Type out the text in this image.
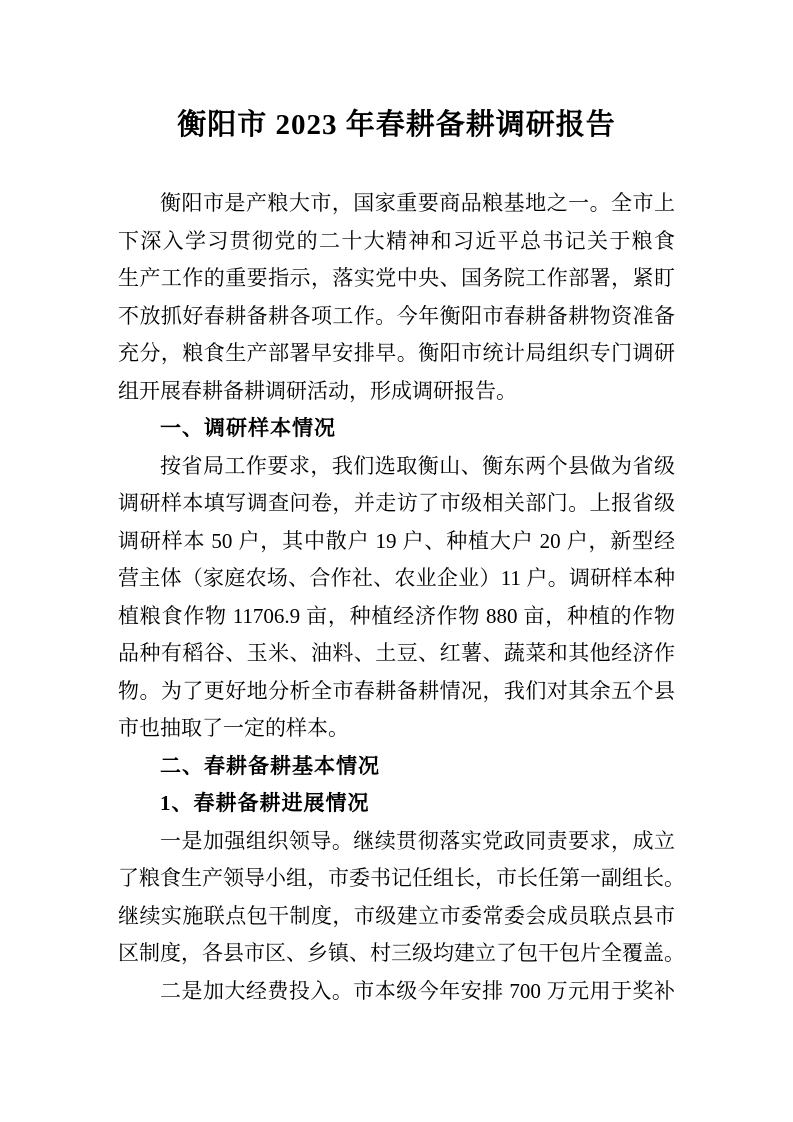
衡阳市 2023 年春耕备耕调研报告
衡阳市是产粮大市，国家重要商品粮基地之一。全市上
下深入学习贯彻党的二十大精神和习近平总书记关于粮食
生产工作的重要指示，落实党中央、国务院工作部署，紧盯
不放抓好春耕备耕各项工作。今年衡阳市春耕备耕物资准备
充分，粮食生产部署早安排早。衡阳市统计局组织专门调研
组开展春耕备耕调研活动，形成调研报告。
一、调研样本情况
按省局工作要求，我们选取衡山、衡东两个县做为省级
调研样本填写调查问卷，并走访了市级相关部门。上报省级
调研样本 50 户，其中散户 19 户、种植大户 20 户，新型经
营主体（家庭农场、合作社、农业企业）11 户。调研样本种
植粮食作物 11706.9 亩，种植经济作物 880 亩，种植的作物
品种有稻谷、玉米、油料、土豆、红薯、蔬菜和其他经济作
物。为了更好地分析全市春耕备耕情况，我们对其余五个县
市也抽取了一定的样本。
二、春耕备耕基本情况
1、春耕备耕进展情况
一是加强组织领导。继续贯彻落实党政同责要求，成立
了粮食生产领导小组，市委书记任组长，市长任第一副组长。
继续实施联点包干制度，市级建立市委常委会成员联点县市
区制度，各县市区、乡镇、村三级均建立了包干包片全覆盖。
二是加大经费投入。市本级今年安排 700 万元用于奖补
